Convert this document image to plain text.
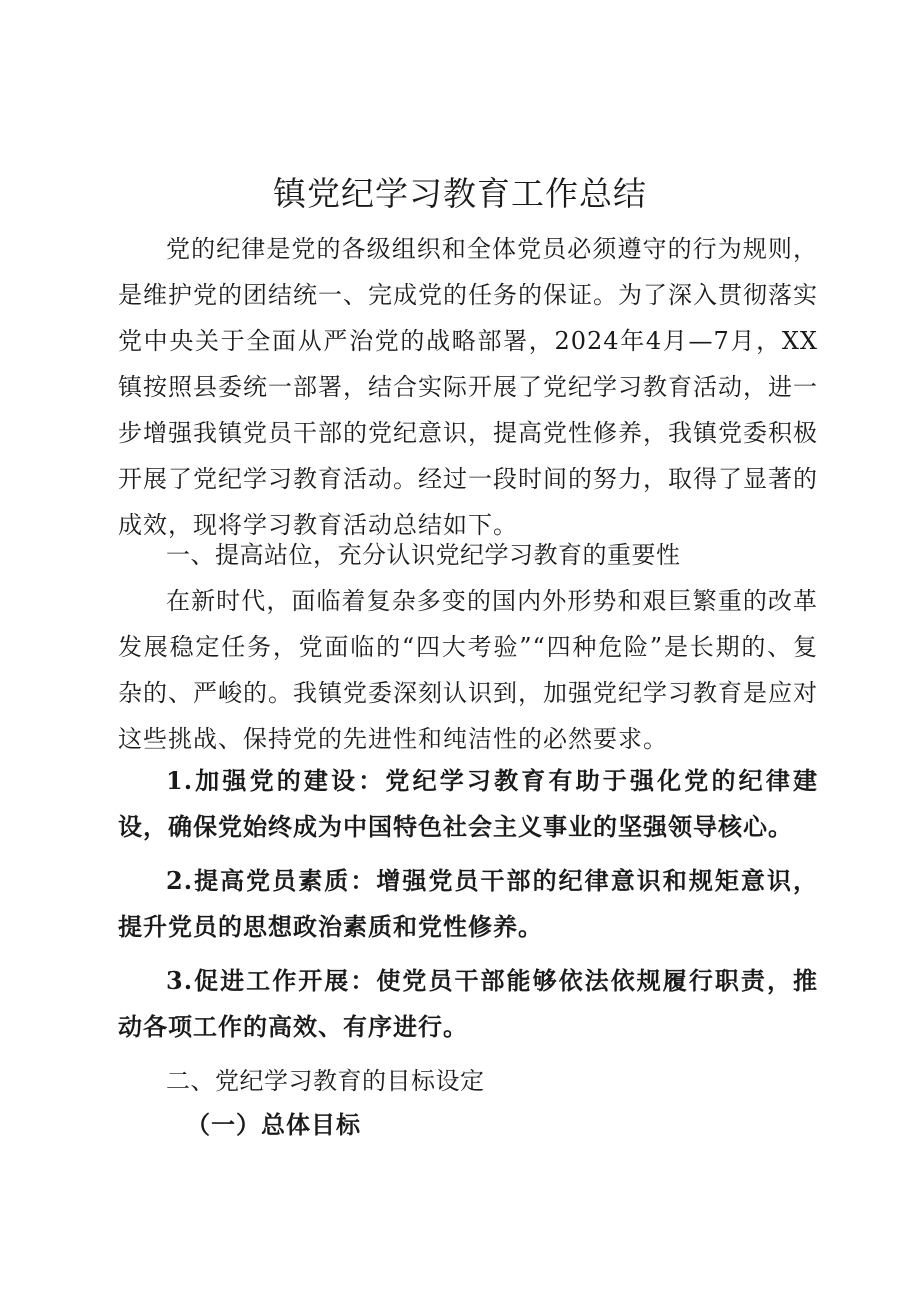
镇党纪学习教育工作总结

党的纪律是党的各级组织和全体党员必须遵守的行为规则，是维护党的团结统一、完成党的任务的保证。为了深入贯彻落实党中央关于全面从严治党的战略部署，2024年4月—7月，XX镇按照县委统一部署，结合实际开展了党纪学习教育活动，进一步增强我镇党员干部的党纪意识，提高党性修养，我镇党委积极开展了党纪学习教育活动。经过一段时间的努力，取得了显著的成效，现将学习教育活动总结如下。

一、提高站位，充分认识党纪学习教育的重要性

在新时代，面临着复杂多变的国内外形势和艰巨繁重的改革发展稳定任务，党面临的“四大考验”“四种危险”是长期的、复杂的、严峻的。我镇党委深刻认识到，加强党纪学习教育是应对这些挑战、保持党的先进性和纯洁性的必然要求。

1.加强党的建设：党纪学习教育有助于强化党的纪律建设，确保党始终成为中国特色社会主义事业的坚强领导核心。

2.提高党员素质：增强党员干部的纪律意识和规矩意识，提升党员的思想政治素质和党性修养。

3.促进工作开展：使党员干部能够依法依规履行职责，推动各项工作的高效、有序进行。

二、党纪学习教育的目标设定
（一）总体目标
